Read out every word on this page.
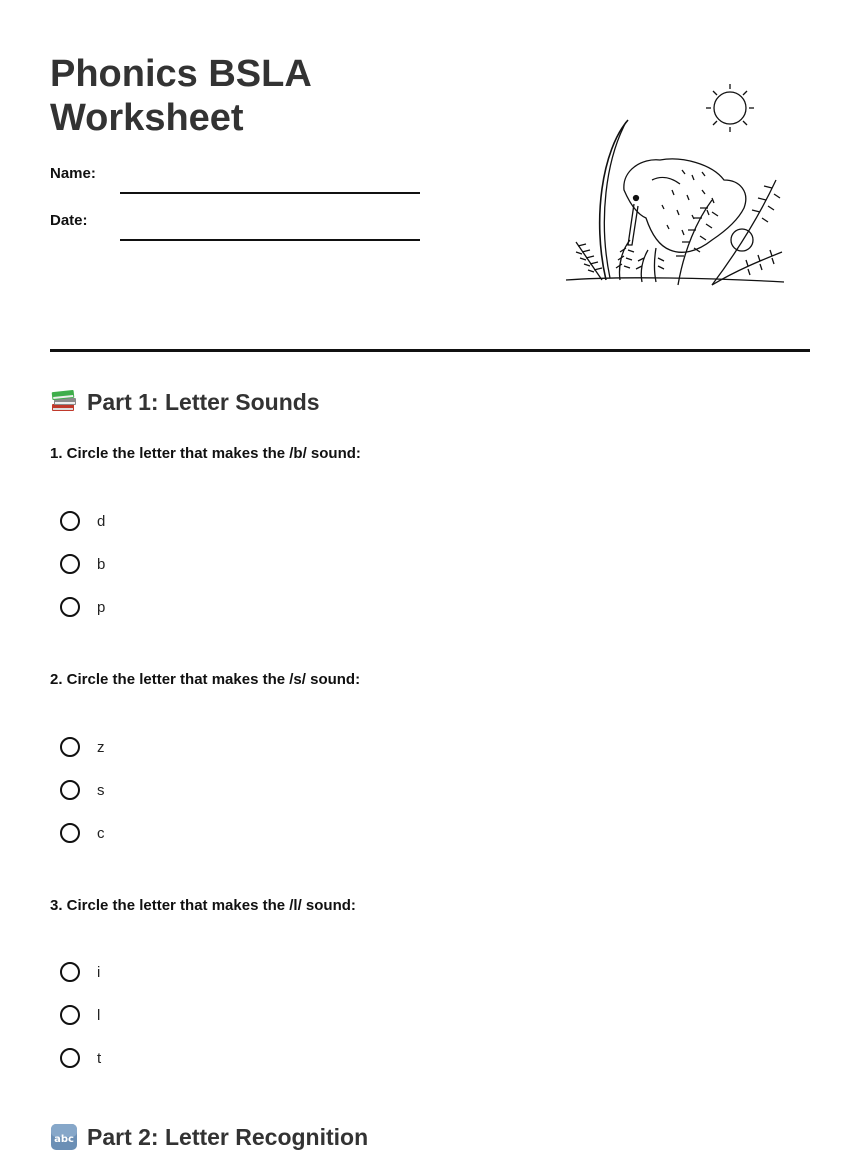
Phonics BSLA
Worksheet
Name:
Date:
Part 1: Letter Sounds

1. Circle the letter that makes the /b/ sound:

d
b
p

2. Circle the letter that makes the /s/ sound:

z
s
c

3. Circle the letter that makes the /l/ sound:

i
l
t
abc Part 2: Letter Recognition
